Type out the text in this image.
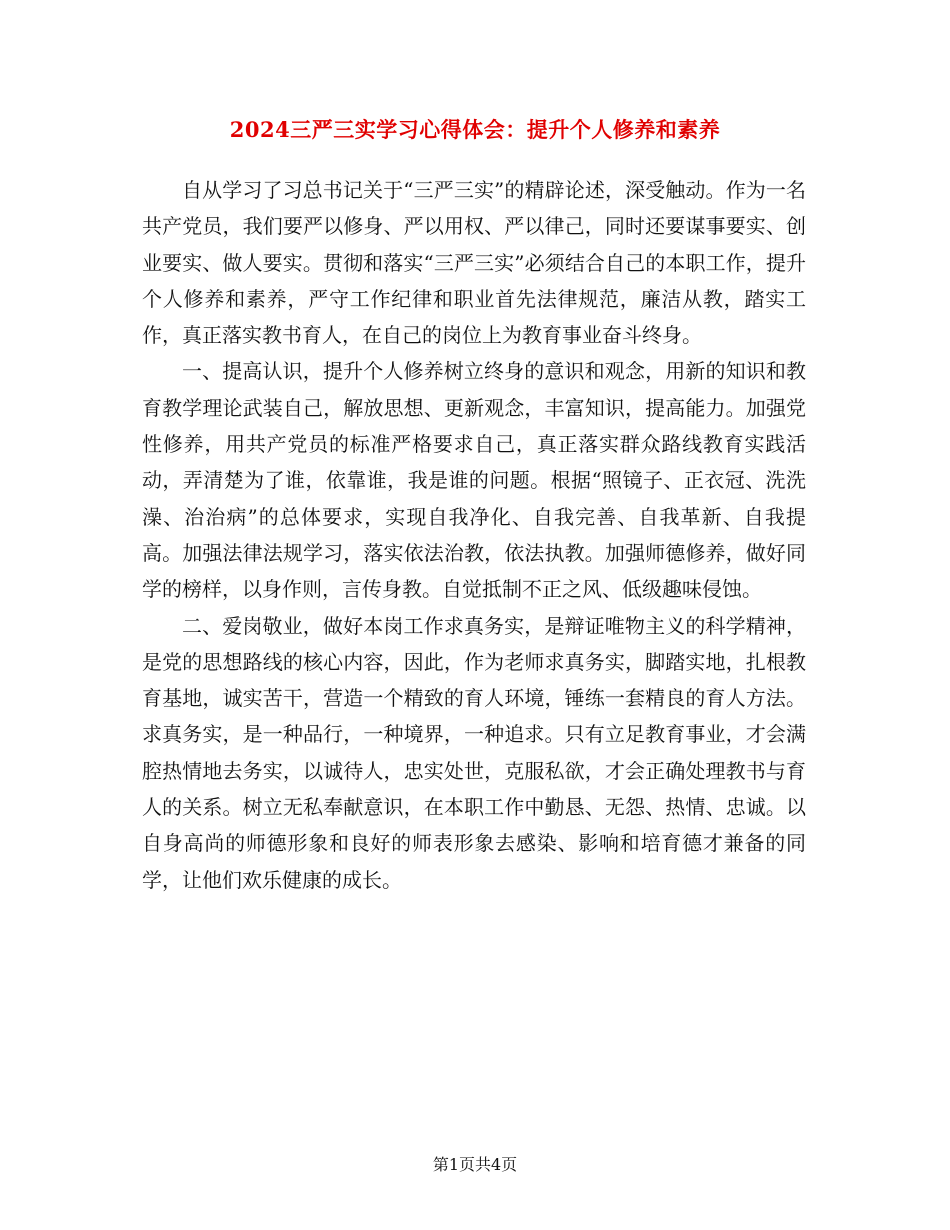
2024三严三实学习心得体会：提升个人修养和素养

自从学习了习总书记关于“三严三实”的精辟论述，深受触动。作为一名共产党员，我们要严以修身、严以用权、严以律己，同时还要谋事要实、创业要实、做人要实。贯彻和落实“三严三实”必须结合自己的本职工作，提升个人修养和素养，严守工作纪律和职业首先法律规范，廉洁从教，踏实工作，真正落实教书育人，在自己的岗位上为教育事业奋斗终身。

一、提高认识，提升个人修养树立终身的意识和观念，用新的知识和教育教学理论武装自己，解放思想、更新观念，丰富知识，提高能力。加强党性修养，用共产党员的标准严格要求自己，真正落实群众路线教育实践活动，弄清楚为了谁，依靠谁，我是谁的问题。根据“照镜子、正衣冠、洗洗澡、治治病”的总体要求，实现自我净化、自我完善、自我革新、自我提高。加强法律法规学习，落实依法治教，依法执教。加强师德修养，做好同学的榜样，以身作则，言传身教。自觉抵制不正之风、低级趣味侵蚀。

二、爱岗敬业，做好本岗工作求真务实，是辩证唯物主义的科学精神，是党的思想路线的核心内容，因此，作为老师求真务实，脚踏实地，扎根教育基地，诚实苦干，营造一个精致的育人环境，锤练一套精良的育人方法。求真务实，是一种品行，一种境界，一种追求。只有立足教育事业，才会满腔热情地去务实，以诚待人，忠实处世，克服私欲，才会正确处理教书与育人的关系。树立无私奉献意识，在本职工作中勤恳、无怨、热情、忠诚。以自身高尚的师德形象和良好的师表形象去感染、影响和培育德才兼备的同学，让他们欢乐健康的成长。

第1页共4页
